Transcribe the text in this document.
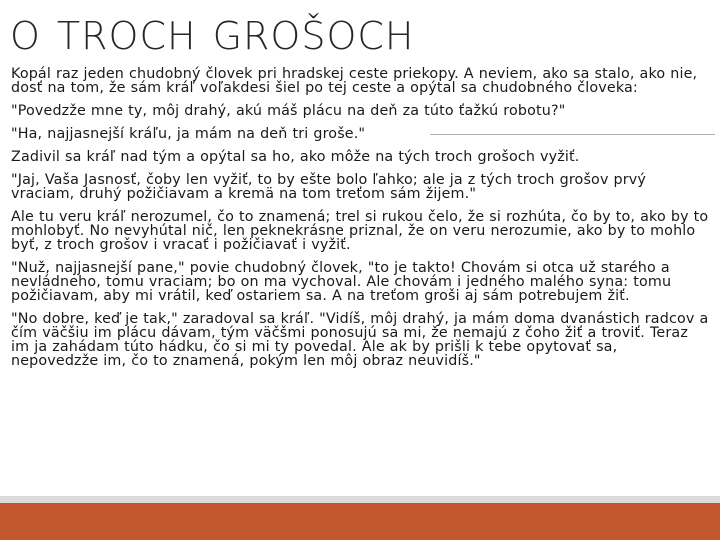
O TROCH GROŠOCH

Kopál raz jeden chudobný človek pri hradskej ceste priekopy. A neviem, ako sa stalo, ako nie, dosť na tom, že sám kráľ voľakdesi šiel po tej ceste a opýtal sa chudobného človeka:

"Povedzže mne ty, môj drahý, akú máš plácu na deň za túto ťažkú robotu?"

"Ha, najjasnejší kráľu, ja mám na deň tri groše."

Zadivil sa kráľ nad tým a opýtal sa ho, ako môže na tých troch grošoch vyžiť.

"Jaj, Vaša Jasnosť, čoby len vyžiť, to by ešte bolo ľahko; ale ja z tých troch grošov prvý vraciam, druhý požičiavam a kremä na tom treťom sám žijem."

Ale tu veru kráľ nerozumel, čo to znamená; trel si rukou čelo, že si rozhúta, čo by to, ako by to mohlobyť. No nevyhútal nič, len peknekrásne priznal, že on veru nerozumie, ako by to mohlo byť, z troch grošov i vracať i požičiavať i vyžiť.

"Nuž, najjasnejší pane," povie chudobný človek, "to je takto! Chovám si otca už starého a nevládneho, tomu vraciam; bo on ma vychoval. Ale chovám i jedného malého syna: tomu požičiavam, aby mi vrátil, keď ostariem sa. A na treťom groši aj sám potrebujem žiť.

"No dobre, keď je tak," zaradoval sa kráľ. "Vidíš, môj drahý, ja mám doma dvanástich radcov a čím väčšiu im plácu dávam, tým väčšmi ponosujú sa mi, že nemajú z čoho žiť a troviť. Teraz im ja zahádam túto hádku, čo si mi ty povedal. Ale ak by prišli k tebe opytovať sa, nepovedzže im, čo to znamená, pokým len môj obraz neuvidíš."
